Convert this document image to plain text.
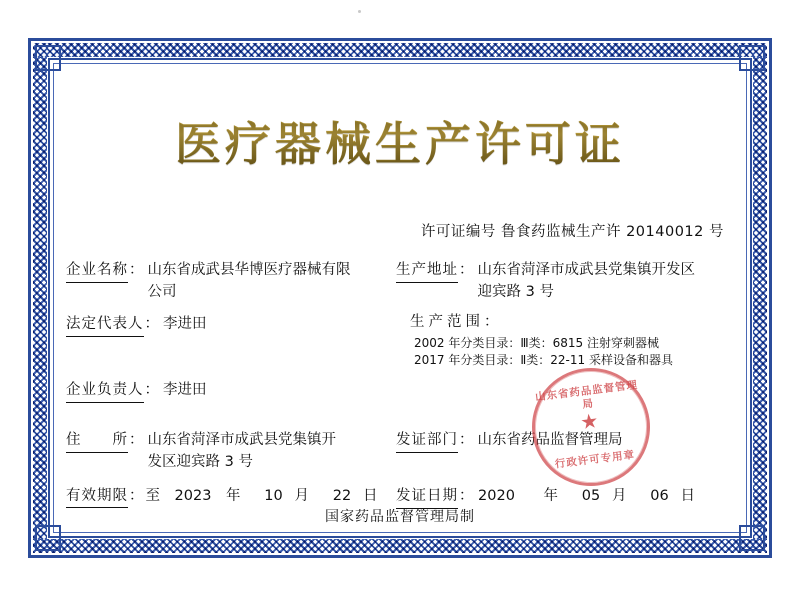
医疗器械生产许可证
许可证编号 鲁食药监械生产许 20140012 号
企业名称 ： 山东省成武县华博医疗器械有限
公司
生产地址 ： 山东省菏泽市成武县党集镇开发区
迎宾路 3 号
法定代表人 ： 李进田	生产范围：
2002 年分类目录：Ⅲ类：6815 注射穿刺器械
2017 年分类目录：Ⅱ类：22-11 采样设备和器具
企业负责人 ： 李进田
住　　所 ： 山东省菏泽市成武县党集镇开
发区迎宾路 3 号
发证部门 ： 山东省药品监督管理局
有效期限 ： 至 2023 年	10 月	22 日 发证日期 ： 2020 年	05 月	06 日
国家药品监督管理局制
山东省药品监督管理局
★
行政许可专用章
